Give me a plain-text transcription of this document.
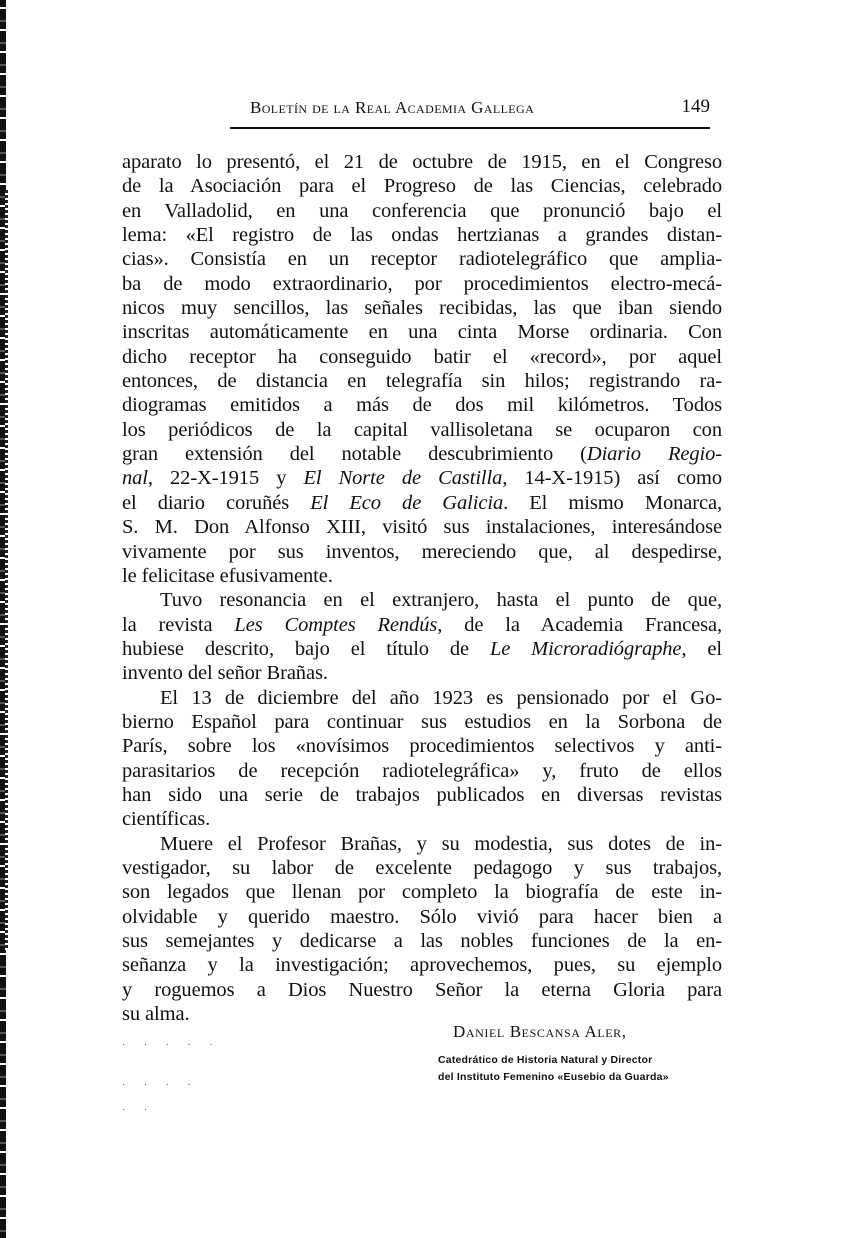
Boletín de la Real Academia Gallega	149
aparato lo presentó, el 21 de octubre de 1915, en el Congreso
de la Asociación para el Progreso de las Ciencias, celebrado
en Valladolid, en una conferencia que pronunció bajo el
lema: «El registro de las ondas hertzianas a grandes distan-
cias». Consistía en un receptor radiotelegráfico que amplia-
ba de modo extraordinario, por procedimientos electro-mecá-
nicos muy sencillos, las señales recibidas, las que iban siendo
inscritas automáticamente en una cinta Morse ordinaria. Con
dicho receptor ha conseguido batir el «record», por aquel
entonces, de distancia en telegrafía sin hilos; registrando ra-
diogramas emitidos a más de dos mil kilómetros. Todos
los periódicos de la capital vallisoletana se ocuparon con
gran extensión del notable descubrimiento (Diario Regio-
nal, 22-X-1915 y El Norte de Castilla, 14-X-1915) así como
el diario coruñés El Eco de Galicia. El mismo Monarca,
S. M. Don Alfonso XIII, visitó sus instalaciones, interesándose
vivamente por sus inventos, mereciendo que, al despedirse,
le felicitase efusivamente.
Tuvo resonancia en el extranjero, hasta el punto de que,
la revista Les Comptes Rendús, de la Academia Francesa,
hubiese descrito, bajo el título de Le Microradiógraphe, el
invento del señor Brañas.
El 13 de diciembre del año 1923 es pensionado por el Go-
bierno Español para continuar sus estudios en la Sorbona de
París, sobre los «novísimos procedimientos selectivos y anti-
parasitarios de recepción radiotelegráfica» y, fruto de ellos
han sido una serie de trabajos publicados en diversas revistas
científicas.
Muere el Profesor Brañas, y su modestia, sus dotes de in-
vestigador, su labor de excelente pedagogo y sus trabajos,
son legados que llenan por completo la biografía de este in-
olvidable y querido maestro. Sólo vivió para hacer bien a
sus semejantes y dedicarse a las nobles funciones de la en-
señanza y la investigación; aprovechemos, pues, su ejemplo
y roguemos a Dios Nuestro Señor la eterna Gloria para
su alma.
Daniel Bescansa Aler,
Catedrático de Historia Natural y Director
del Instituto Femenino «Eusebio da Guarda»
· · · · ·
· · · ·
· ·
